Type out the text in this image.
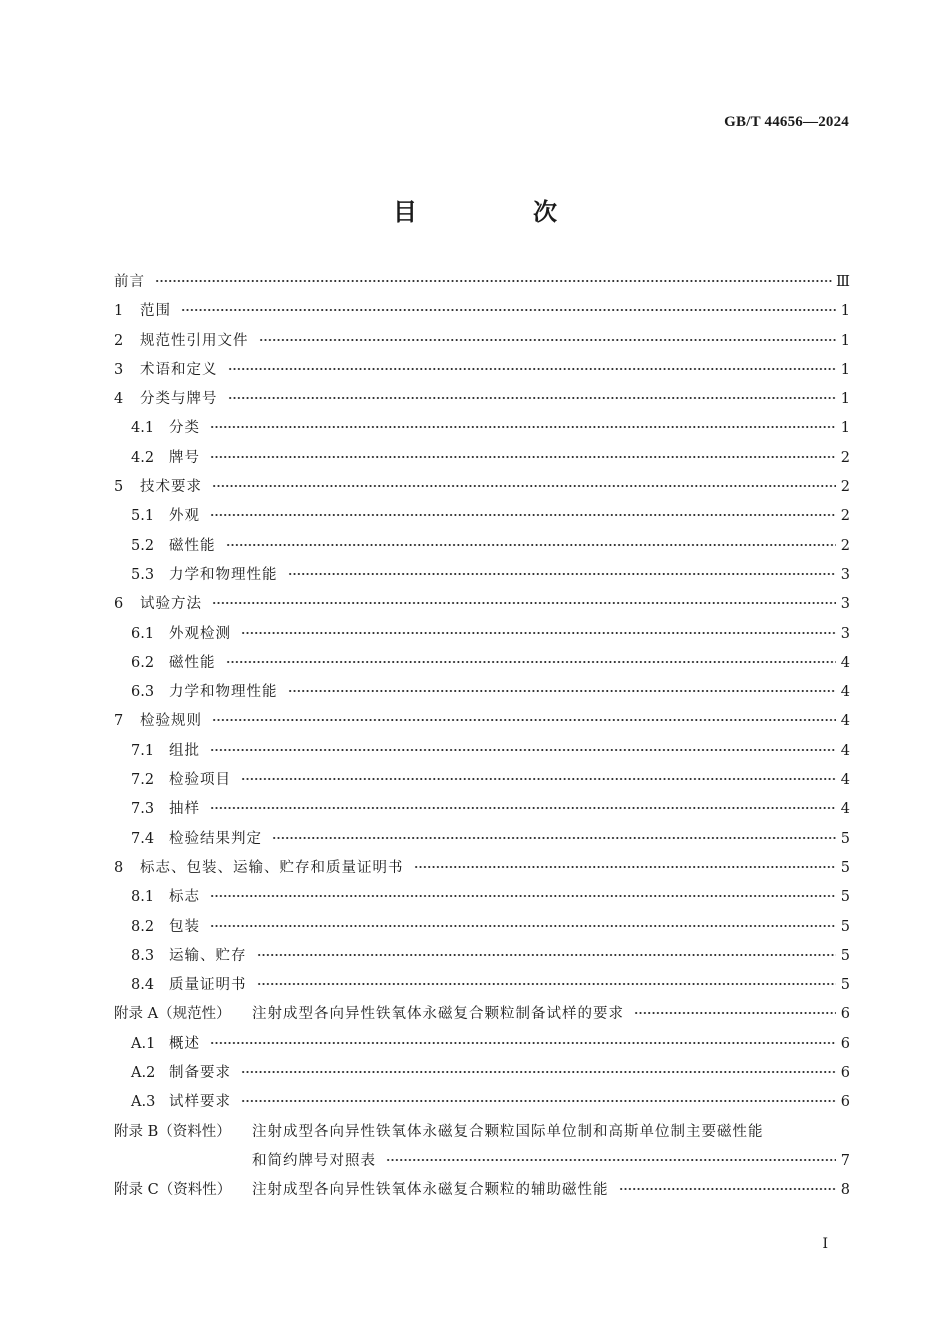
GB/T 44656—2024
目　次
前言	Ⅲ
1	范围	1
2	规范性引用文件	1
3	术语和定义	1
4	分类与牌号	1
4.1	分类	1
4.2	牌号	2
5	技术要求	2
5.1	外观	2
5.2	磁性能	2
5.3	力学和物理性能	3
6	试验方法	3
6.1	外观检测	3
6.2	磁性能	4
6.3	力学和物理性能	4
7	检验规则	4
7.1	组批	4
7.2	检验项目	4
7.3	抽样	4
7.4	检验结果判定	5
8	标志、包装、运输、贮存和质量证明书	5
8.1	标志	5
8.2	包装	5
8.3	运输、贮存	5
8.4	质量证明书	5
附录 A（规范性）	注射成型各向异性铁氧体永磁复合颗粒制备试样的要求	6
A.1 概述	6
A.2 制备要求	6
A.3 试样要求	6
附录 B（资料性）	注射成型各向异性铁氧体永磁复合颗粒国际单位制和高斯单位制主要磁性能
和简约牌号对照表	7
附录 C（资料性）	注射成型各向异性铁氧体永磁复合颗粒的辅助磁性能	8
I
